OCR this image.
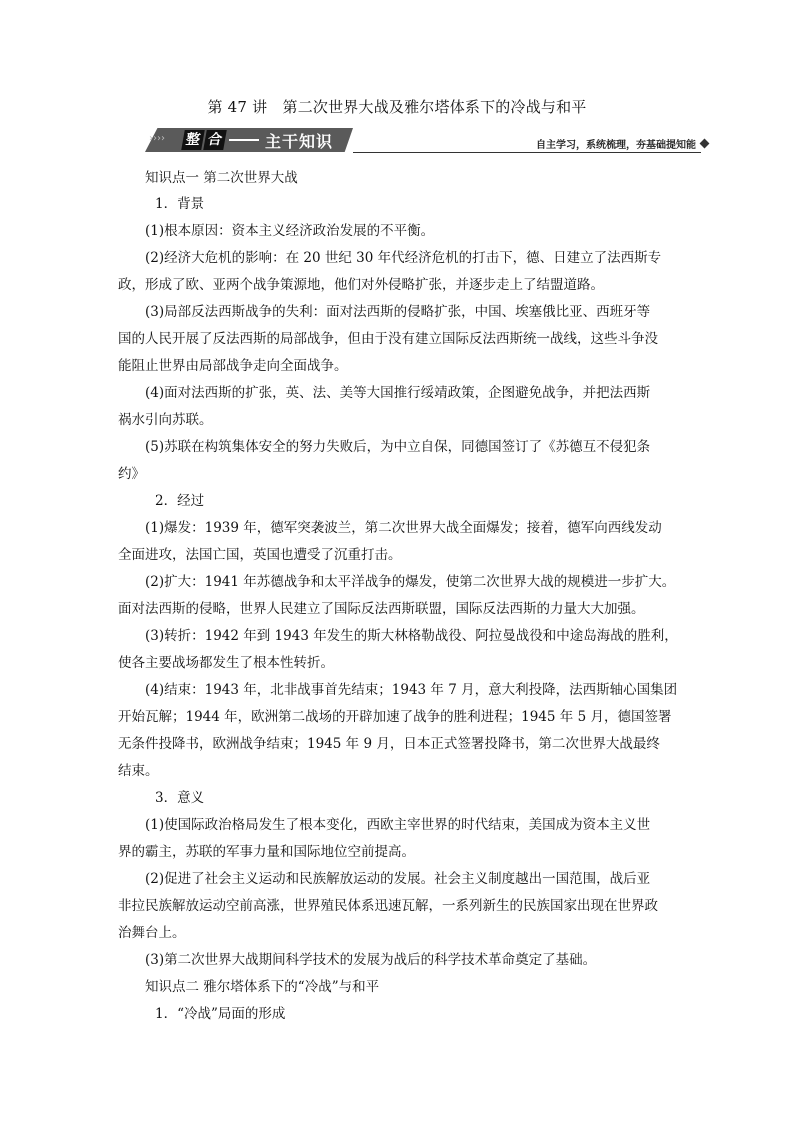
第 47 讲　第二次世界大战及雅尔塔体系下的冷战与和平
›››› 整 合	主干知识	自主学习，系统梳理，夯基础提知能
知识点一 第二次世界大战
1．背景
(1)根本原因：资本主义经济政治发展的不平衡。
(2)经济大危机的影响：在 20 世纪 30 年代经济危机的打击下，德、日建立了法西斯专
政，形成了欧、亚两个战争策源地，他们对外侵略扩张，并逐步走上了结盟道路。
(3)局部反法西斯战争的失利：面对法西斯的侵略扩张，中国、埃塞俄比亚、西班牙等
国的人民开展了反法西斯的局部战争，但由于没有建立国际反法西斯统一战线，这些斗争没
能阻止世界由局部战争走向全面战争。
(4)面对法西斯的扩张，英、法、美等大国推行绥靖政策，企图避免战争，并把法西斯
祸水引向苏联。
(5)苏联在构筑集体安全的努力失败后，为中立自保，同德国签订了《苏德互不侵犯条
约》
2．经过
(1)爆发：1939 年，德军突袭波兰，第二次世界大战全面爆发；接着，德军向西线发动
全面进攻，法国亡国，英国也遭受了沉重打击。
(2)扩大：1941 年苏德战争和太平洋战争的爆发，使第二次世界大战的规模进一步扩大。
面对法西斯的侵略，世界人民建立了国际反法西斯联盟，国际反法西斯的力量大大加强。
(3)转折：1942 年到 1943 年发生的斯大林格勒战役、阿拉曼战役和中途岛海战的胜利，
使各主要战场都发生了根本性转折。
(4)结束：1943 年，北非战事首先结束；1943 年 7 月，意大利投降，法西斯轴心国集团
开始瓦解；1944 年，欧洲第二战场的开辟加速了战争的胜利进程；1945 年 5 月，德国签署
无条件投降书，欧洲战争结束；1945 年 9 月，日本正式签署投降书，第二次世界大战最终
结束。
3．意义
(1)使国际政治格局发生了根本变化，西欧主宰世界的时代结束，美国成为资本主义世
界的霸主，苏联的军事力量和国际地位空前提高。
(2)促进了社会主义运动和民族解放运动的发展。社会主义制度越出一国范围，战后亚
非拉民族解放运动空前高涨，世界殖民体系迅速瓦解，一系列新生的民族国家出现在世界政
治舞台上。
(3)第二次世界大战期间科学技术的发展为战后的科学技术革命奠定了基础。
知识点二 雅尔塔体系下的“冷战”与和平
1．“冷战”局面的形成
